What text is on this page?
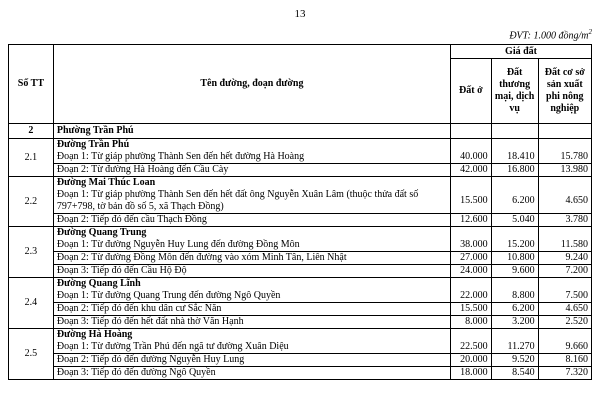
13
ĐVT: 1.000 đồng/$m^2$
Số TT	Tên đường, đoạn đường	Giá đất		
		Đất ở	Đất thương mại, dịch vụ	Đất cơ sở sản xuất phi nông nghiệp
2	Phường Trần Phú			
2.1	Đường Trần Phú			
	Đoạn 1: Từ giáp phường Thành Sen đến hết đường Hà Hoàng	40.000	18.410	15.780
	Đoạn 2: Từ đường Hà Hoàng đến Cầu Cày	42.000	16.800	13.980
2.2	Đường Mai Thúc Loan			
	Đoạn 1: Từ giáp phường Thành Sen đến hết đất ông Nguyễn Xuân Lâm (thuộc thửa đất số 797+798, tờ bản đồ số 5, xã Thạch Đồng)	15.500	6.200	4.650
	Đoạn 2: Tiếp đó đến cầu Thạch Đồng	12.600	5.040	3.780
2.3	Đường Quang Trung			
	Đoạn 1: Từ đường Nguyễn Huy Lung đến đường Đồng Môn	38.000	15.200	11.580
	Đoạn 2: Từ đường Đồng Môn đến đường vào xóm Minh Tân, Liên Nhật	27.000	10.800	9.240
	Đoạn 3: Tiếp đó đến Cầu Hộ Độ	24.000	9.600	7.200
2.4	Đường Quang Lĩnh			
	Đoạn 1: Từ đường Quang Trung đến đường Ngô Quyền	22.000	8.800	7.500
	Đoạn 2: Tiếp đó đến khu dân cư Sắc Năn	15.500	6.200	4.650
	Đoạn 3: Tiếp đó đến hết đất nhà thờ Văn Hạnh	8.000	3.200	2.520
2.5	Đường Hà Hoàng			
	Đoạn 1: Từ đường Trần Phú đến ngã tư đường Xuân Diệu	22.500	11.270	9.660
	Đoạn 2: Tiếp đó đến đường Nguyễn Huy Lung	20.000	9.520	8.160
	Đoạn 3: Tiếp đó đến đường Ngô Quyền	18.000	8.540	7.320
